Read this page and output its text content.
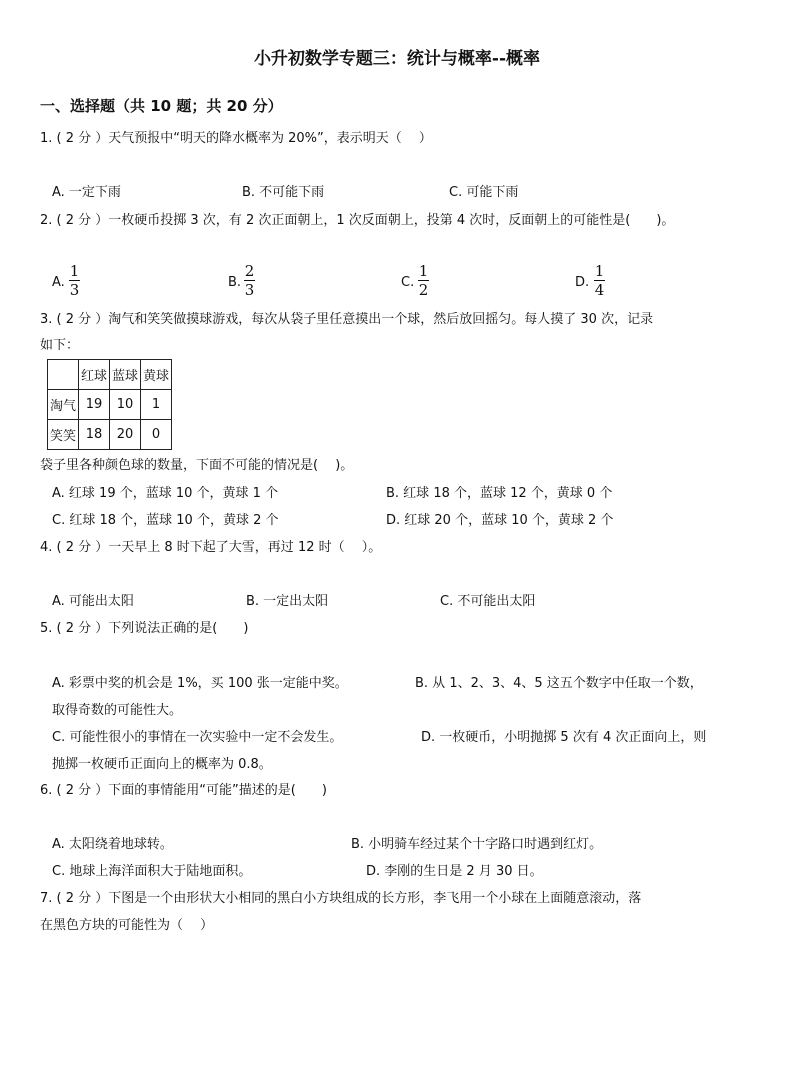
小升初数学专题三：统计与概率--概率
一、选择题（共 10 题；共 20 分）
1. ( 2 分 ）天气预报中“明天的降水概率为 20%”，表示明天（　 ）
A. 一定下雨	B. 不可能下雨	C. 可能下雨
2. ( 2 分 ）一枚硬币投掷 3 次，有 2 次正面朝上，1 次反面朝上，投第 4 次时，反面朝上的可能性是(　　)。
A.
1
3	B.
2
3	C.
1
2	D.
1
4
3. ( 2 分 ）淘气和笑笑做摸球游戏，每次从袋子里任意摸出一个球，然后放回摇匀。每人摸了 30 次，记录
如下：
	红球	蓝球	黄球
淘气	19	10	1
笑笑	18	20	0
袋子里各种颜色球的数量，下面不可能的情况是(　 )。
A. 红球 19 个，蓝球 10 个，黄球 1 个	B. 红球 18 个，蓝球 12 个，黄球 0 个
C. 红球 18 个，蓝球 10 个，黄球 2 个	D. 红球 20 个，蓝球 10 个，黄球 2 个
4. ( 2 分 ）一天早上 8 时下起了大雪，再过 12 时（　 ）。
A. 可能出太阳	B. 一定出太阳	C. 不可能出太阳
5. ( 2 分 ）下列说法正确的是(　　)
A. 彩票中奖的机会是 1%，买 100 张一定能中奖。	B. 从 1、2、3、4、5 这五个数字中任取一个数，
取得奇数的可能性大。
C. 可能性很小的事情在一次实验中一定不会发生。	D. 一枚硬币，小明抛掷 5 次有 4 次正面向上，则
抛掷一枚硬币正面向上的概率为 0.8。
6. ( 2 分 ）下面的事情能用“可能”描述的是(　　)
A. 太阳绕着地球转。	B. 小明骑车经过某个十字路口时遇到红灯。
C. 地球上海洋面积大于陆地面积。	D. 李刚的生日是 2 月 30 日。
7. ( 2 分 ）下图是一个由形状大小相同的黑白小方块组成的长方形，李飞用一个小球在上面随意滚动，落
在黑色方块的可能性为（　 ）
